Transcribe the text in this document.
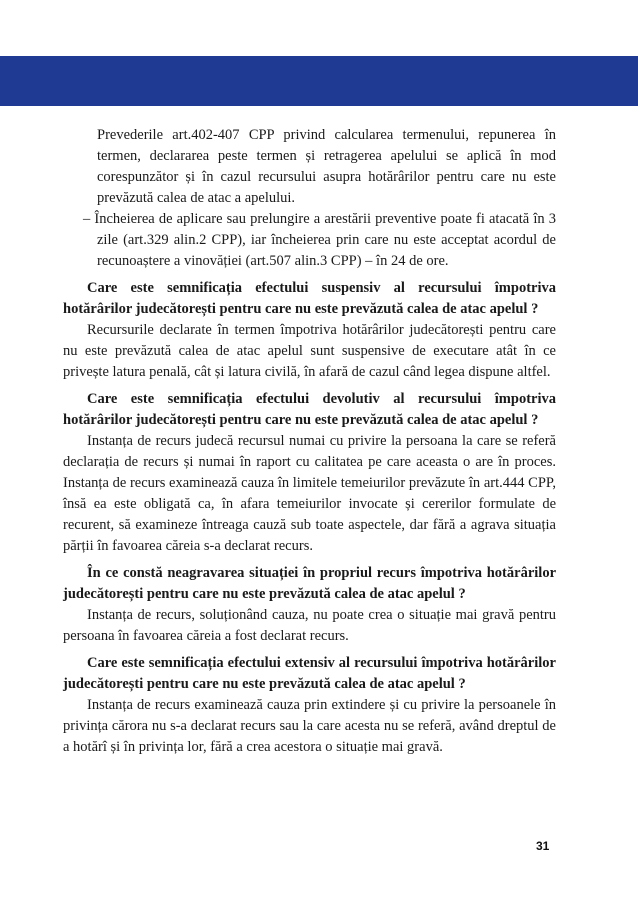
Prevederile art.402-407 CPP privind calcularea termenului, repunerea în termen, declararea peste termen și retragerea apelului se aplică în mod corespunzător și în cazul recursului asupra hotărârilor pentru care nu este prevăzută calea de atac a apelului.

– Încheierea de aplicare sau prelungire a arestării preventive poate fi atacată în 3 zile (art.329 alin.2 CPP), iar încheierea prin care nu este acceptat acordul de recunoaștere a vinovăției (art.507 alin.3 CPP) – în 24 de ore.

Care este semnificația efectului suspensiv al recursului împotriva hotărârilor judecătorești pentru care nu este prevăzută calea de atac apelul ?

Recursurile declarate în termen împotriva hotărârilor judecătorești pentru care nu este prevăzută calea de atac apelul sunt suspensive de executare atât în ce privește latura penală, cât și latura civilă, în afară de cazul când legea dispune altfel.

Care este semnificația efectului devolutiv al recursului împotriva hotărârilor judecătorești pentru care nu este prevăzută calea de atac apelul ?

Instanța de recurs judecă recursul numai cu privire la persoana la care se referă declarația de recurs și numai în raport cu calitatea pe care aceasta o are în proces. Instanța de recurs examinează cauza în limitele temeiurilor prevăzute în art.444 CPP, însă ea este obligată ca, în afara temeiurilor invocate și cererilor formulate de recurent, să examineze întreaga cauză sub toate aspectele, dar fără a agrava situația părții în favoarea căreia s-a declarat recurs.

În ce constă neagravarea situației în propriul recurs împotriva hotărârilor judecătorești pentru care nu este prevăzută calea de atac apelul ?

Instanța de recurs, soluționând cauza, nu poate crea o situație mai gravă pentru persoana în favoarea căreia a fost declarat recurs.

Care este semnificația efectului extensiv al recursului împotriva hotărârilor judecătorești pentru care nu este prevăzută calea de atac apelul ?

Instanța de recurs examinează cauza prin extindere și cu privire la persoanele în privința cărora nu s-a declarat recurs sau la care acesta nu se referă, având dreptul de a hotărî și în privința lor, fără a crea acestora o situație mai gravă.

31
